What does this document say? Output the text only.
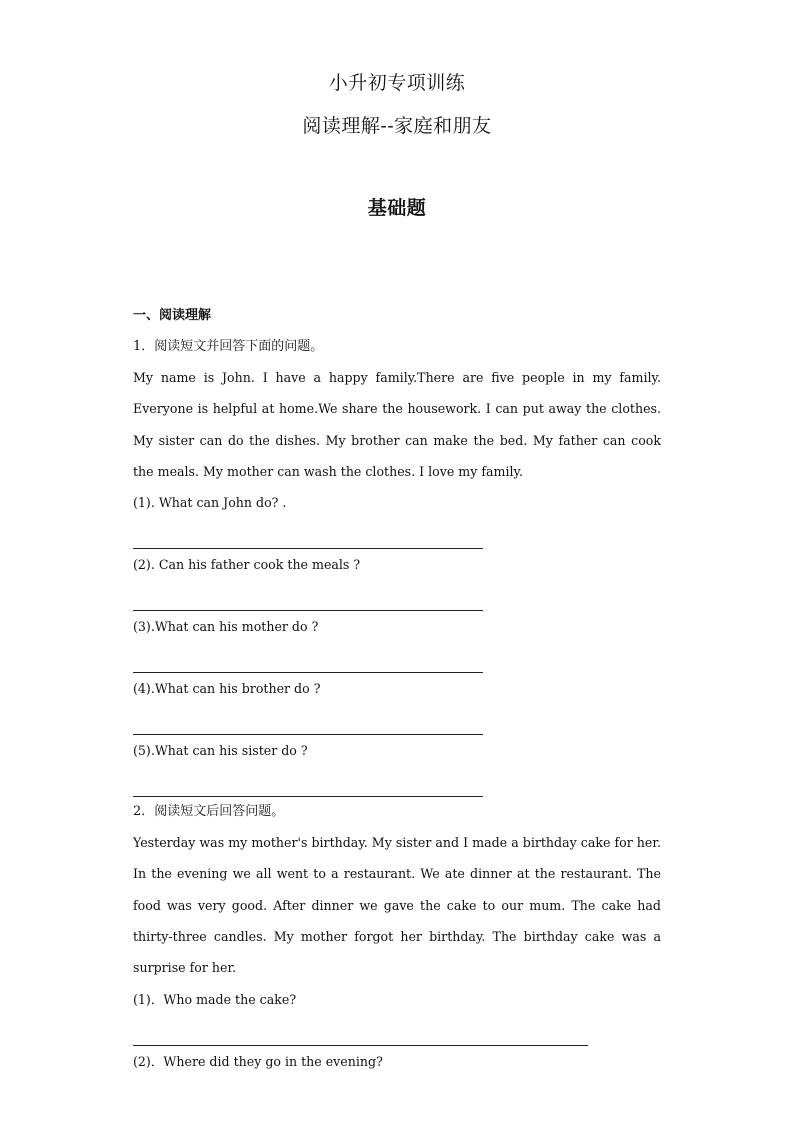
小升初专项训练
阅读理解--家庭和朋友
基础题
一、阅读理解
1．阅读短文并回答下面的问题。
My name is John. I have a happy family.There are five people in my family. Everyone is helpful at home.We share the housework. I can put away the clothes. My sister can do the dishes. My brother can make the bed. My father can cook the meals. My mother can wash the clothes. I love my family.
(1). What can John do? .
(2). Can his father cook the meals ?
(3).What can his mother do ?
(4).What can his brother do ?
(5).What can his sister do ?
2．阅读短文后回答问题。
Yesterday was my mother's birthday. My sister and I made a birthday cake for her. In the evening we all went to a restaurant. We ate dinner at the restaurant. The food was very good. After dinner we gave the cake to our mum. The cake had thirty-three candles. My mother forgot her birthday. The birthday cake was a surprise for her.
(1)．Who made the cake?
(2)．Where did they go in the evening?
